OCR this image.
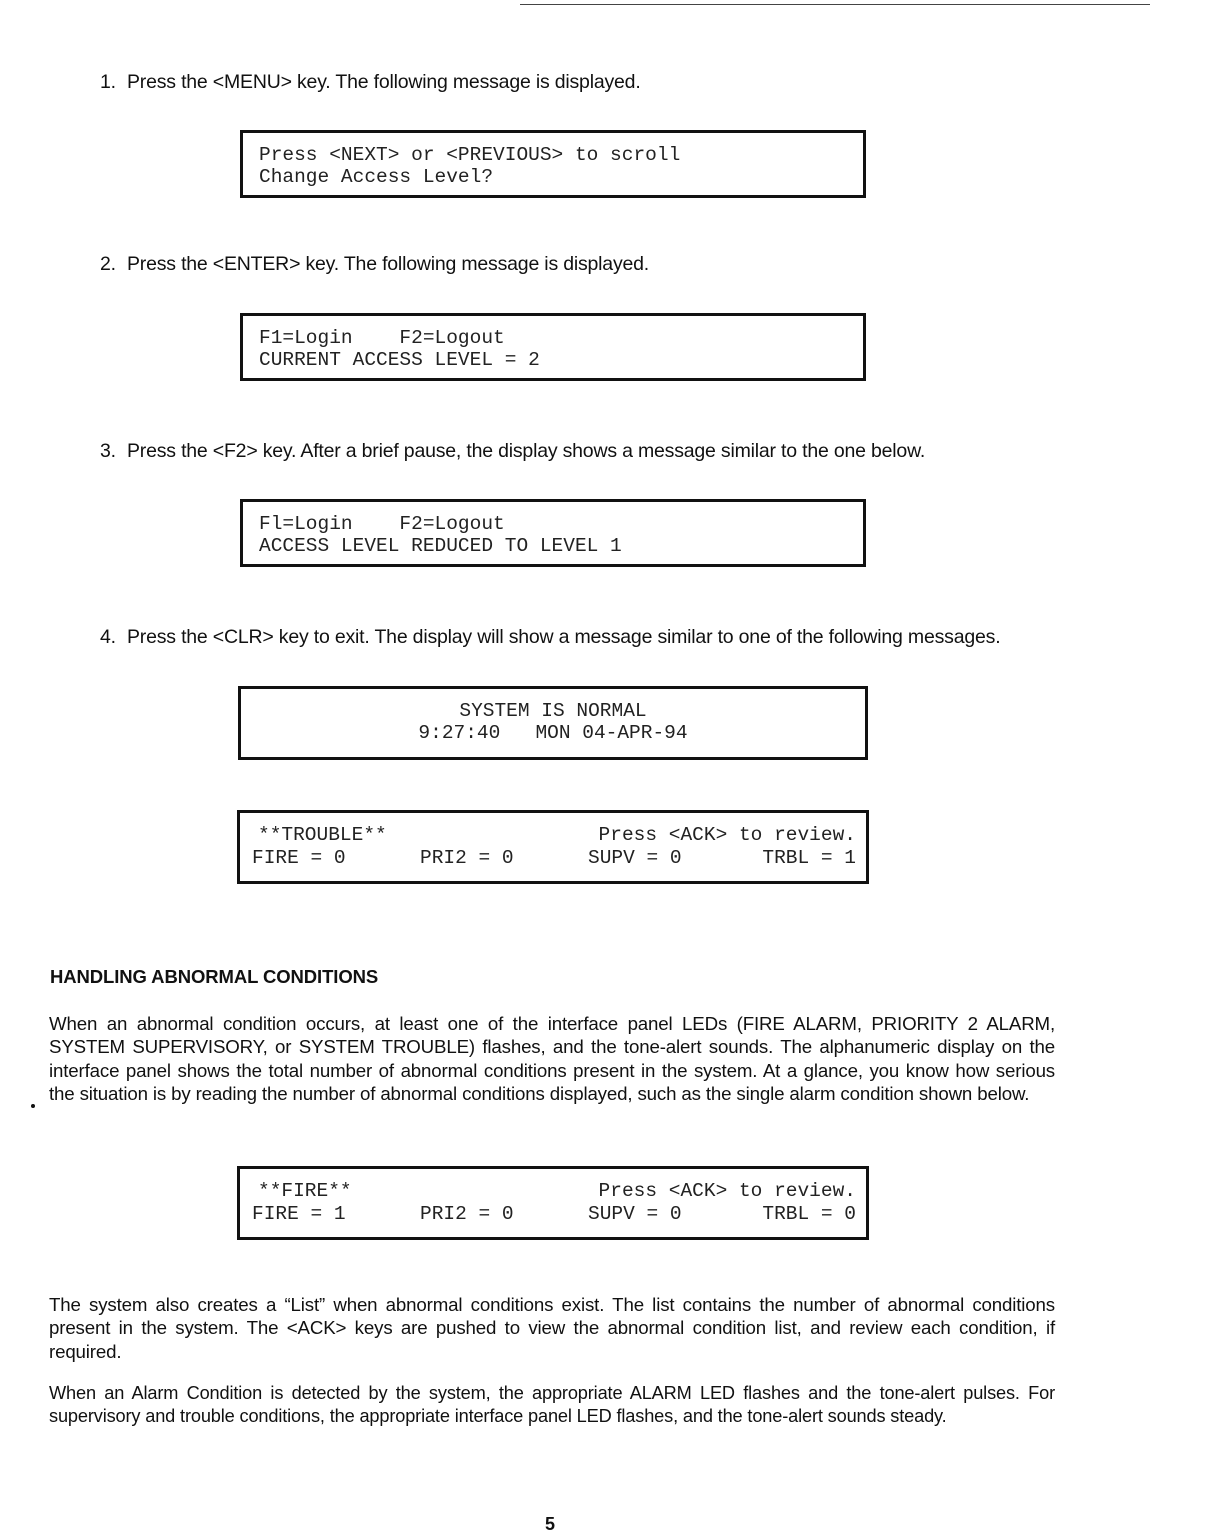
1. Press the <MENU> key. The following message is displayed.
Press <NEXT> or <PREVIOUS> to scroll
Change Access Level?
2. Press the <ENTER> key. The following message is displayed.
F1=Login    F2=Logout
CURRENT ACCESS LEVEL = 2
3. Press the <F2> key. After a brief pause, the display shows a message similar to the one below.
Fl=Login    F2=Logout
ACCESS LEVEL REDUCED TO LEVEL 1
4. Press the <CLR> key to exit. The display will show a message similar to one of the following messages.
SYSTEM IS NORMAL
9:27:40   MON 04-APR-94
**TROUBLE**	Press <ACK> to review.
FIRE = 0	PRI2 = 0	SUPV = 0	TRBL = 1
HANDLING ABNORMAL CONDITIONS
When an abnormal condition occurs, at least one of the interface panel LEDs (FIRE ALARM, PRIORITY 2 ALARM, SYSTEM SUPERVISORY, or SYSTEM TROUBLE) flashes, and the tone-alert sounds. The alphanumeric display on the interface panel shows the total number of abnormal conditions present in the system. At a glance, you know how serious the situation is by reading the number of abnormal conditions displayed, such as the single alarm condition shown below.
**FIRE**	Press <ACK> to review.
FIRE = 1	PRI2 = 0	SUPV = 0	TRBL = 0
The system also creates a “List” when abnormal conditions exist. The list contains the number of abnormal conditions present in the system. The <ACK> keys are pushed to view the abnormal condition list, and review each condition, if required.
When an Alarm Condition is detected by the system, the appropriate ALARM LED flashes and the tone-alert pulses. For supervisory and trouble conditions, the appropriate interface panel LED flashes, and the tone-alert sounds steady.
5
